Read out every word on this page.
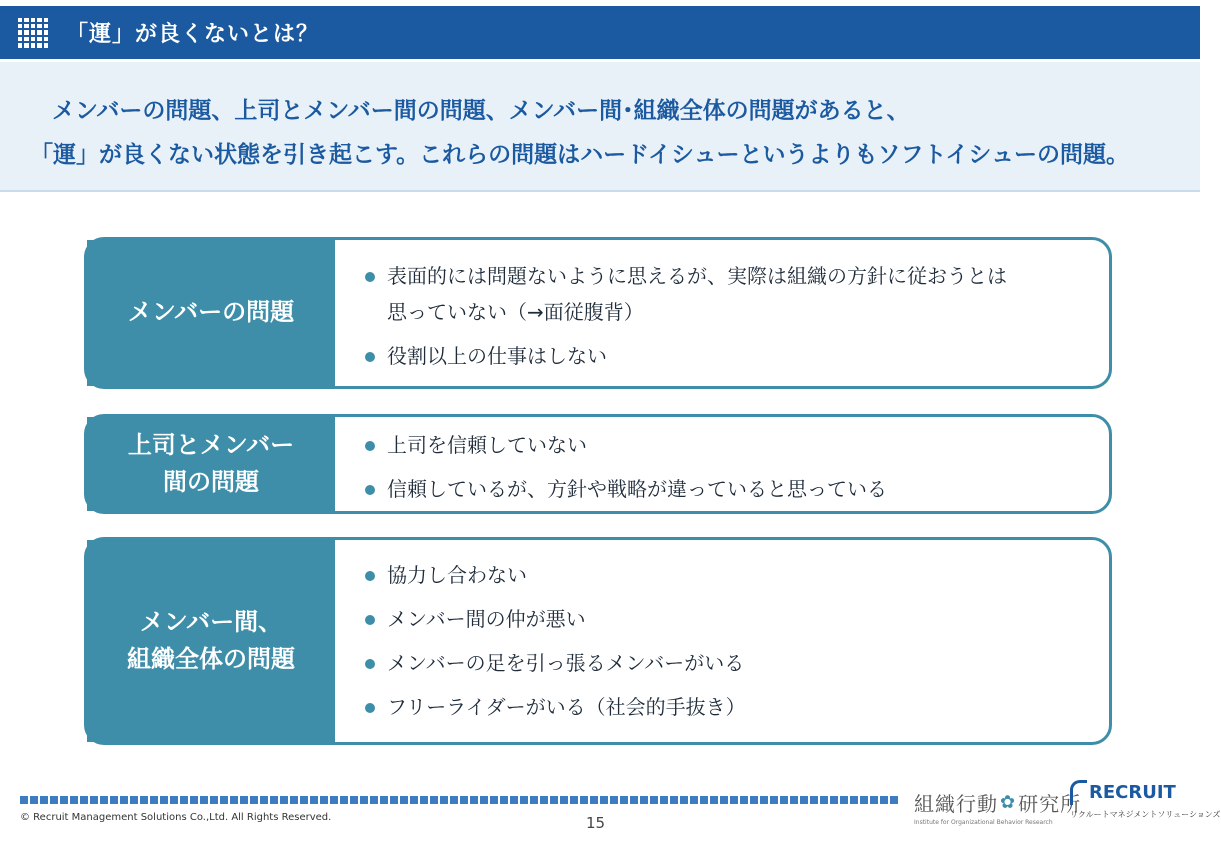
「運」が良くないとは？

メンバーの問題、上司とメンバー間の問題、メンバー間･組織全体の問題があると、

「運」が良くない状態を引き起こす。これらの問題はハードイシューというよりもソフトイシューの問題。

メンバーの問題
表面的には問題ないように思えるが、実際は組織の方針に従おうとは
思っていない（→面従腹背）
役割以上の仕事はしない
上司とメンバー
間の問題
上司を信頼していない
信頼しているが、方針や戦略が違っていると思っている
メンバー間、
組織全体の問題
協力し合わない
メンバー間の仲が悪い
メンバーの足を引っ張るメンバーがいる
フリーライダーがいる（社会的手抜き）
© Recruit Management Solutions Co.,Ltd. All Rights Reserved.	15
組織行動 ✿ 研究所
Institute for Organizational Behavior Research
RECRUIT
リクルートマネジメントソリューションズ
